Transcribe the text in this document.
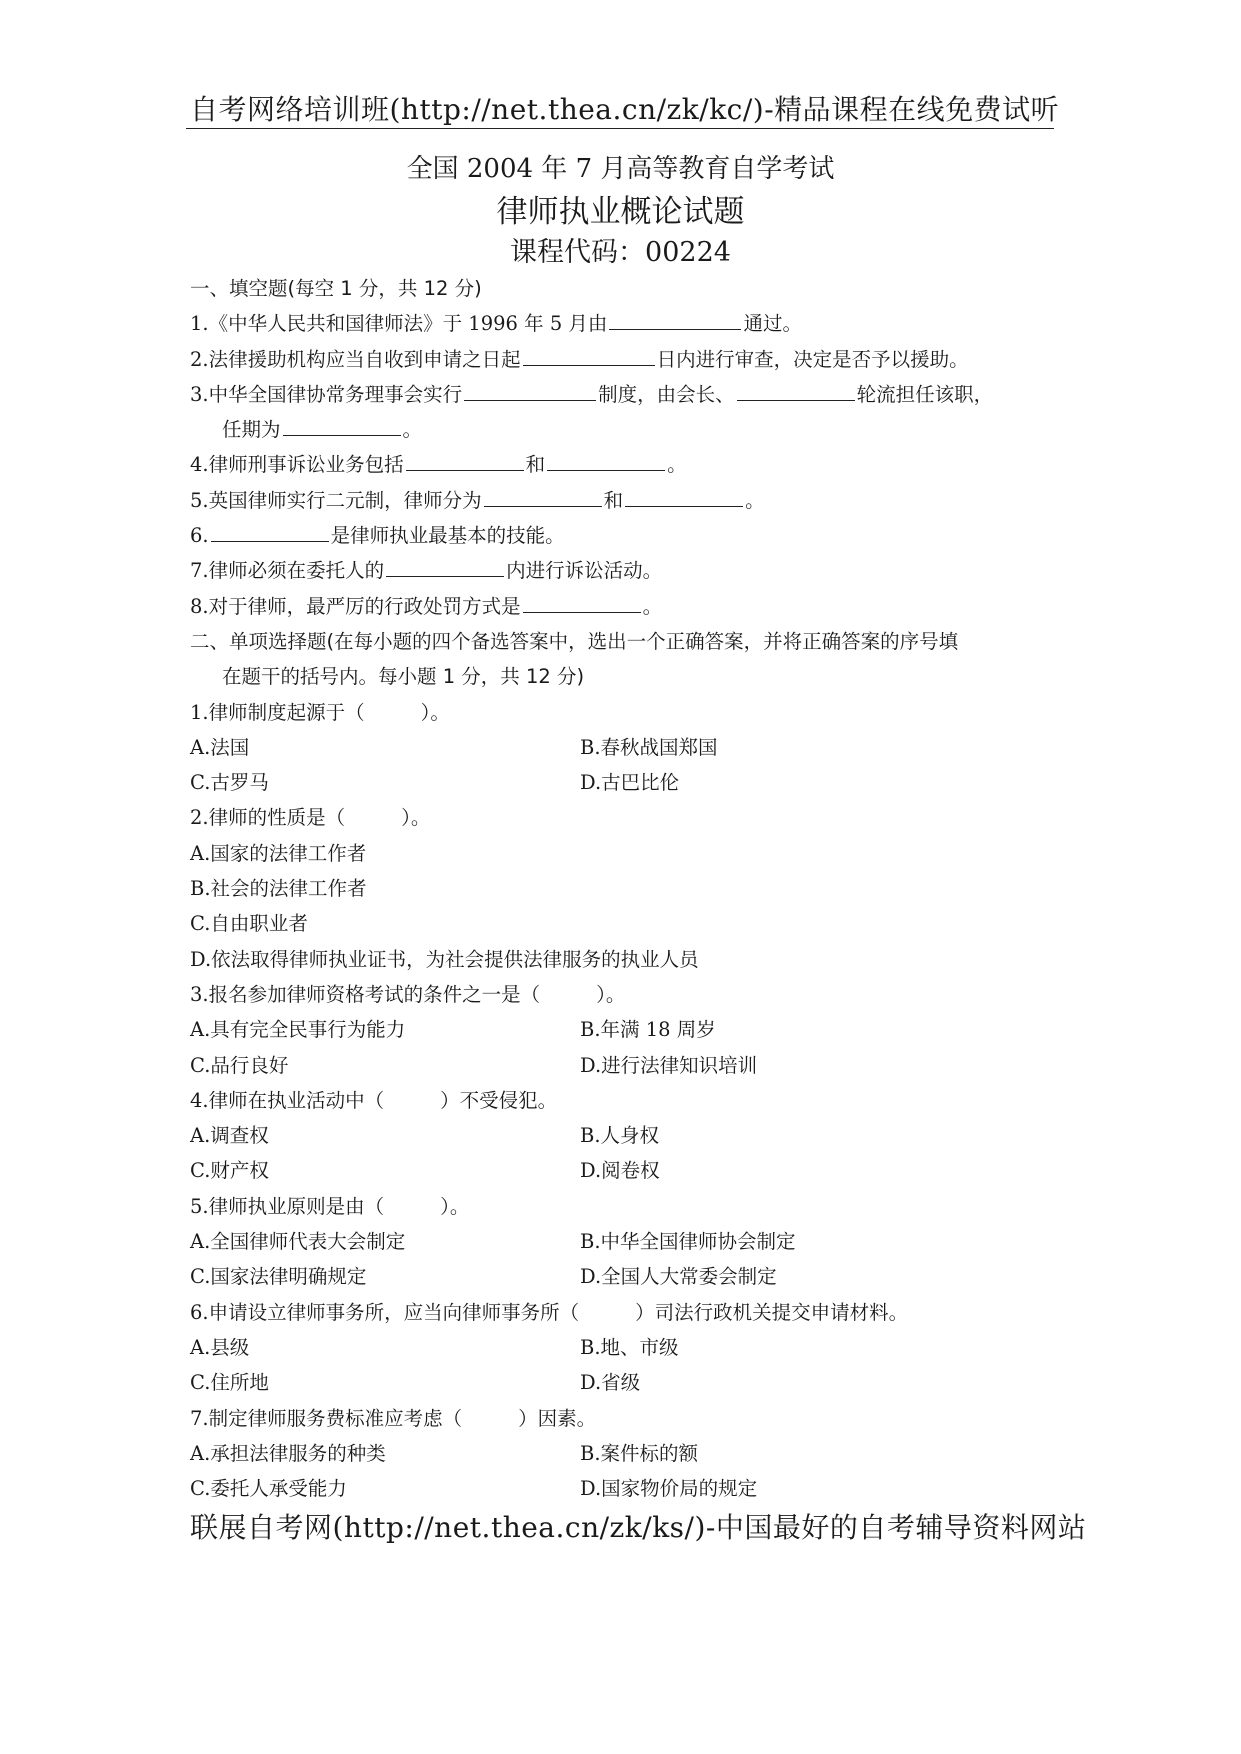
自考网络培训班(http://net.thea.cn/zk/kc/)-精品课程在线免费试听
全国 2004 年 7 月高等教育自学考试
律师执业概论试题
课程代码：00224
一、填空题(每空 1 分，共 12 分)
1.《中华人民共和国律师法》于 1996 年 5 月由	通过。
2.法律援助机构应当自收到申请之日起	日内进行审查，决定是否予以援助。
3.中华全国律协常务理事会实行	制度，由会长、	轮流担任该职，
任期为	。
4.律师刑事诉讼业务包括	和	。
5.英国律师实行二元制，律师分为	和	。
6.	是律师执业最基本的技能。
7.律师必须在委托人的	内进行诉讼活动。
8.对于律师，最严厉的行政处罚方式是	。
二、单项选择题(在每小题的四个备选答案中，选出一个正确答案，并将正确答案的序号填
在题干的括号内。每小题 1 分，共 12 分)
1.律师制度起源于（	）。
A.法国	B.春秋战国郑国
C.古罗马	D.古巴比伦
2.律师的性质是（	）。
A.国家的法律工作者
B.社会的法律工作者
C.自由职业者
D.依法取得律师执业证书，为社会提供法律服务的执业人员
3.报名参加律师资格考试的条件之一是（	）。
A.具有完全民事行为能力	B.年满 18 周岁
C.品行良好	D.进行法律知识培训
4.律师在执业活动中（	）不受侵犯。
A.调查权	B.人身权
C.财产权	D.阅卷权
5.律师执业原则是由（	）。
A.全国律师代表大会制定	B.中华全国律师协会制定
C.国家法律明确规定	D.全国人大常委会制定
6.申请设立律师事务所，应当向律师事务所（	）司法行政机关提交申请材料。
A.县级	B.地、市级
C.住所地	D.省级
7.制定律师服务费标准应考虑（	）因素。
A.承担法律服务的种类	B.案件标的额
C.委托人承受能力	D.国家物价局的规定
联展自考网(http://net.thea.cn/zk/ks/)-中国最好的自考辅导资料网站
